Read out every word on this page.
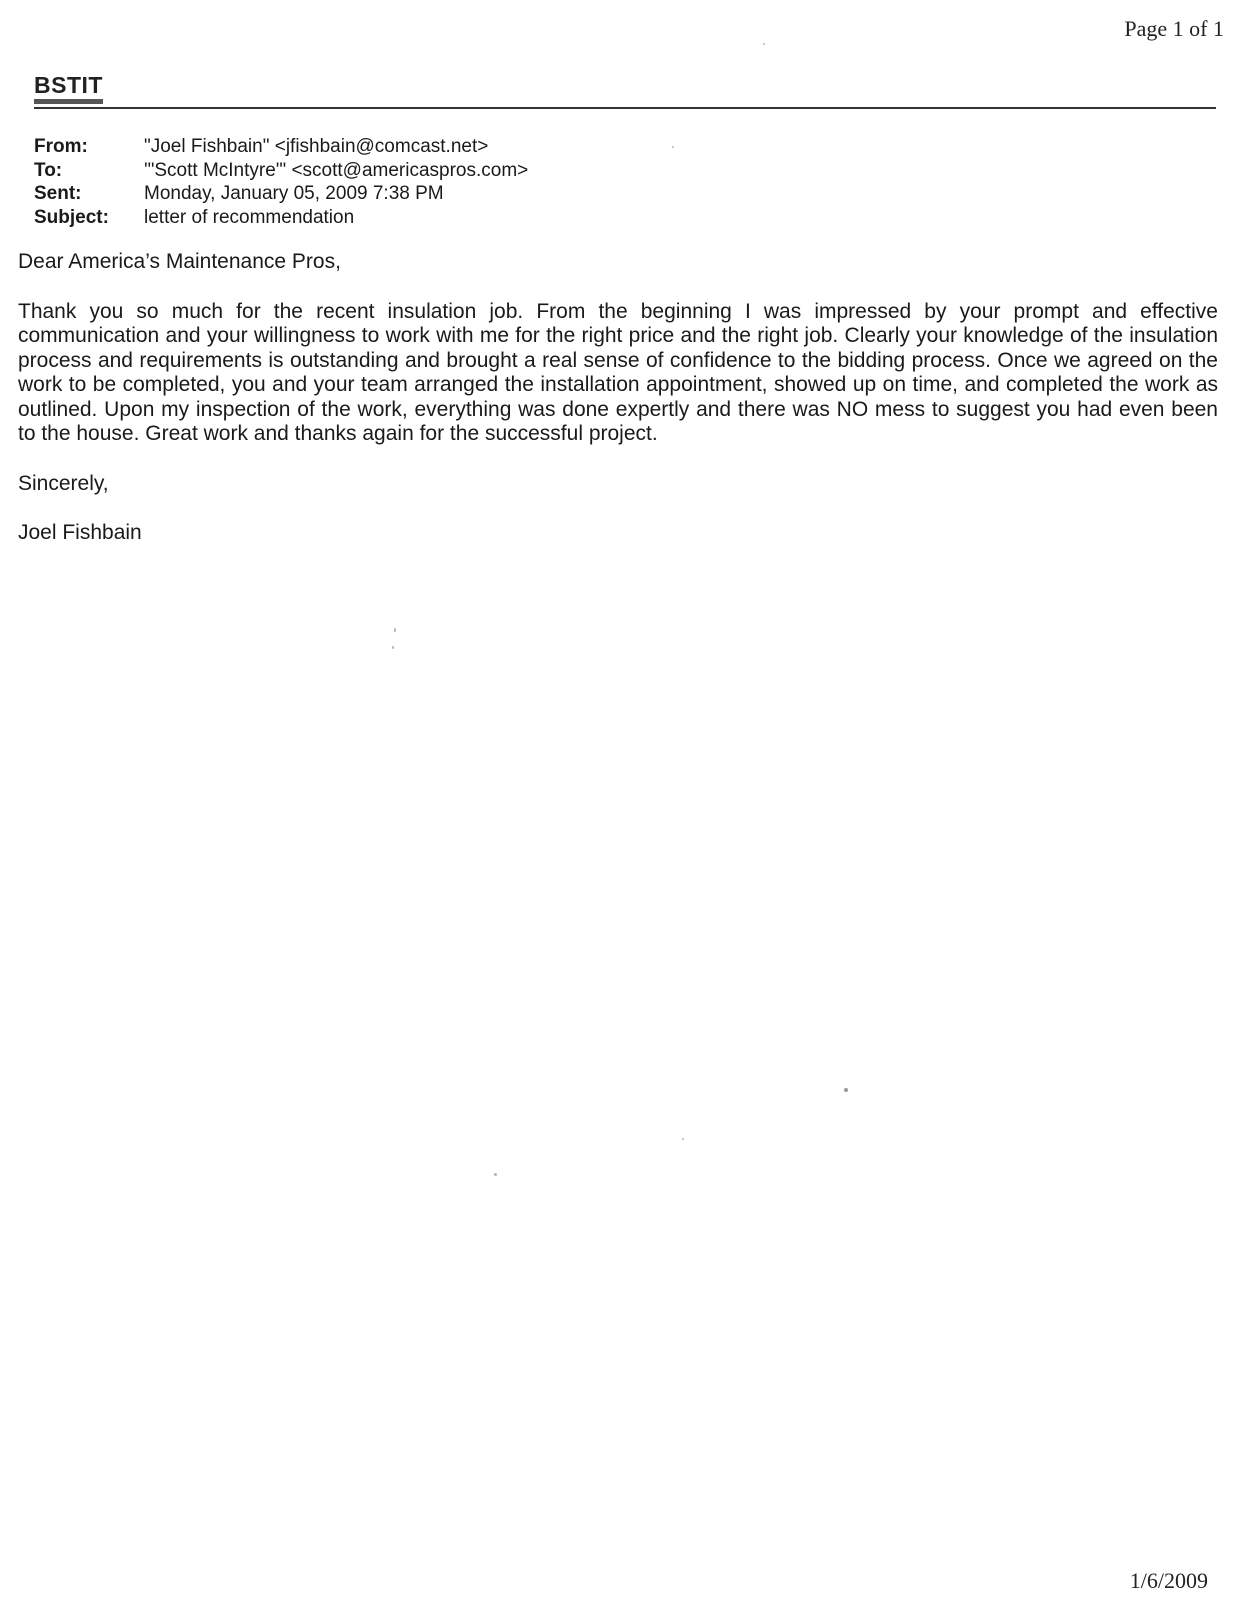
Page 1 of 1
BSTIT
From:	"Joel Fishbain" <jfishbain@comcast.net>
To:	'"Scott McIntyre'" <scott@americaspros.com>
Sent:	Monday, January 05, 2009 7:38 PM
Subject:	letter of recommendation

Dear America’s Maintenance Pros,

Thank you so much for the recent insulation job. From the beginning I was impressed by your prompt and effective communication and your willingness to work with me for the right price and the right job. Clearly your knowledge of the insulation process and requirements is outstanding and brought a real sense of confidence to the bidding process. Once we agreed on the work to be completed, you and your team arranged the installation appointment, showed up on time, and completed the work as outlined. Upon my inspection of the work, everything was done expertly and there was NO mess to suggest you had even been to the house. Great work and thanks again for the successful project.

Sincerely,

Joel Fishbain

1/6/2009
